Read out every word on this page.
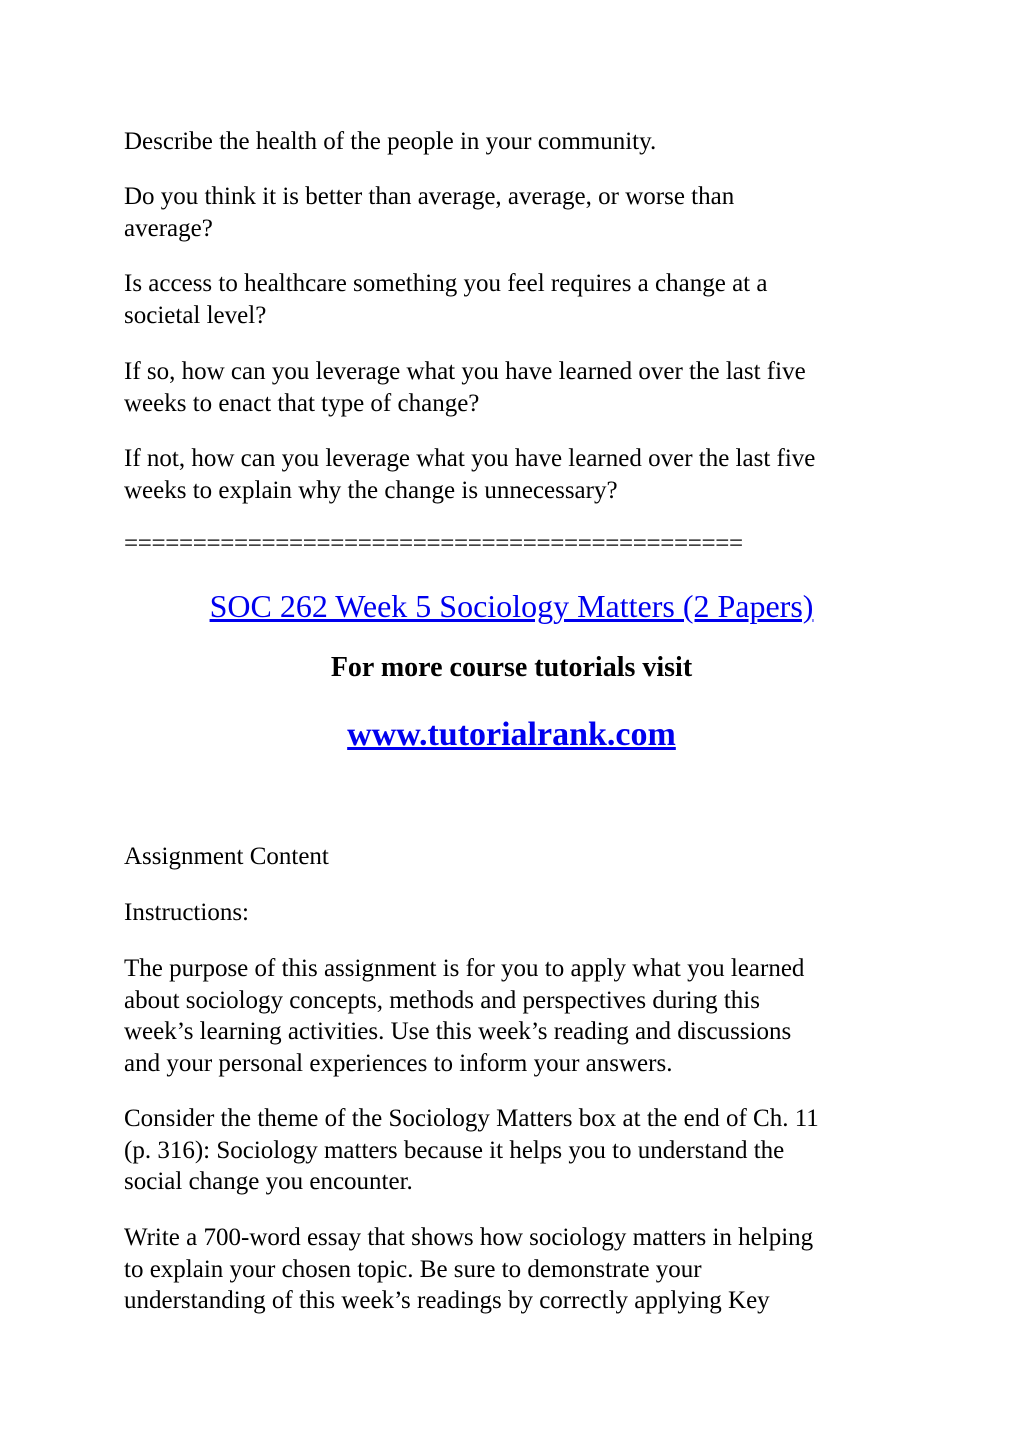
Describe the health of the people in your community.

Do you think it is better than average, average, or worse than
average?

Is access to healthcare something you feel requires a change at a
societal level?

If so, how can you leverage what you have learned over the last five
weeks to enact that type of change?

If not, how can you leverage what you have learned over the last five
weeks to explain why the change is unnecessary?

=============================================
SOC 262 Week 5 Sociology Matters (2 Papers)
For more course tutorials visit
www.tutorialrank.com

Assignment Content

Instructions:

The purpose of this assignment is for you to apply what you learned
about sociology concepts, methods and perspectives during this
week’s learning activities. Use this week’s reading and discussions
and your personal experiences to inform your answers.

Consider the theme of the Sociology Matters box at the end of Ch. 11
(p. 316): Sociology matters because it helps you to understand the
social change you encounter.

Write a 700-word essay that shows how sociology matters in helping
to explain your chosen topic. Be sure to demonstrate your
understanding of this week’s readings by correctly applying Key
